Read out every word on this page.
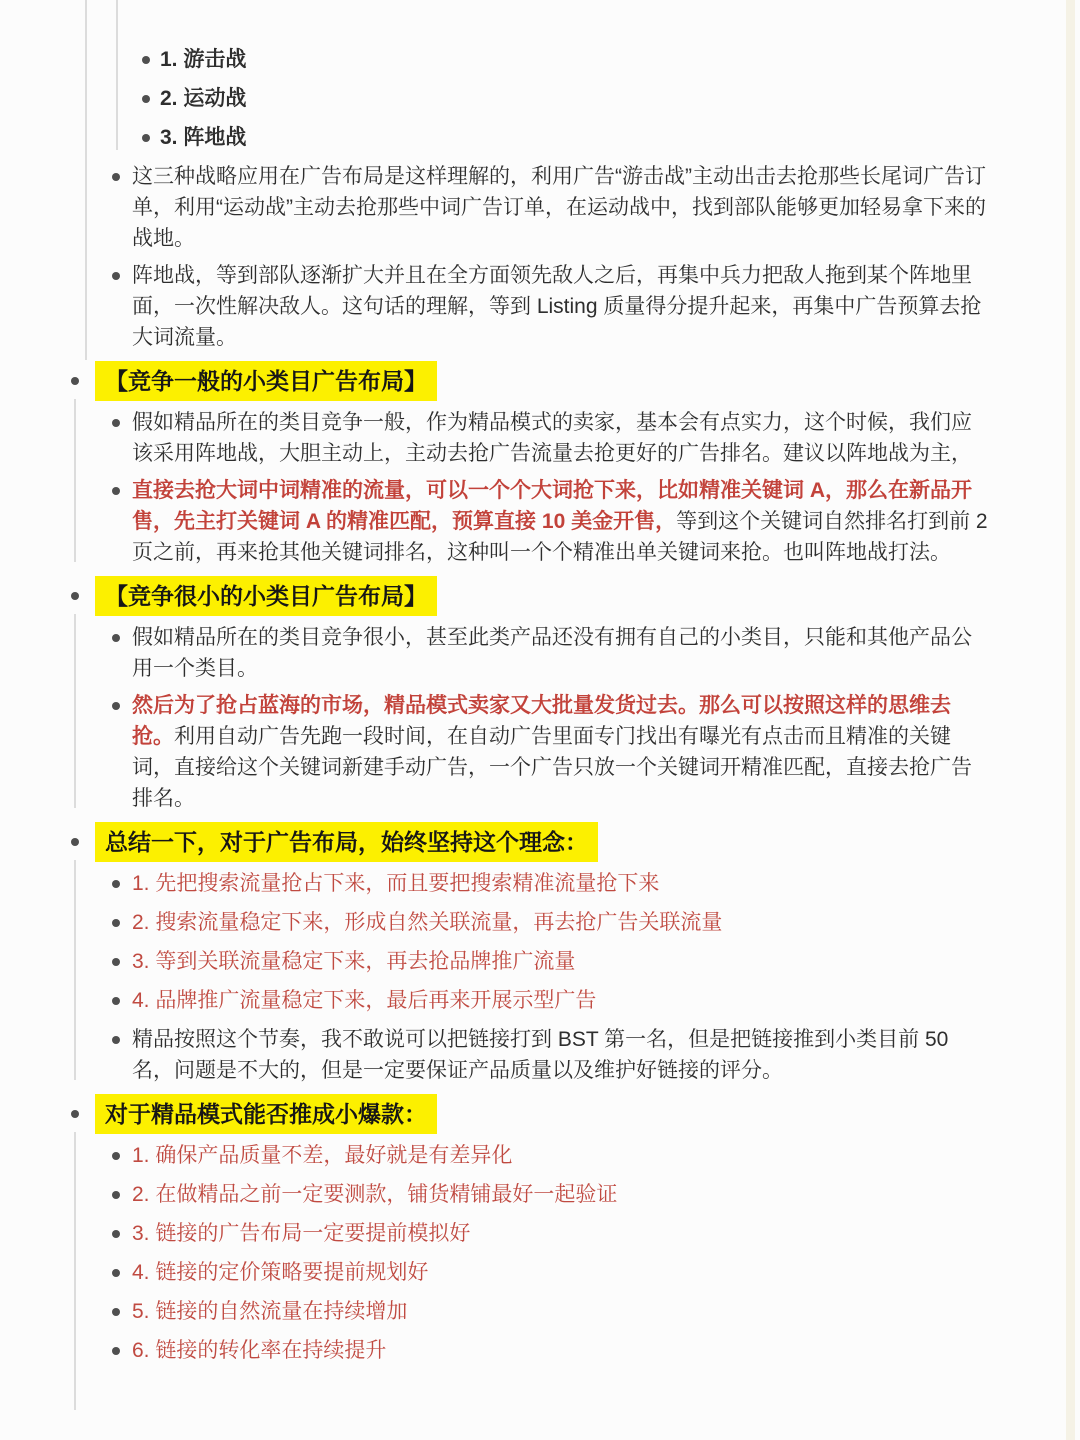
1. 游击战
2. 运动战
3. 阵地战
这三种战略应用在广告布局是这样理解的，利用广告“游击战”主动出击去抢那些长尾词广告订单，利用“运动战”主动去抢那些中词广告订单，在运动战中，找到部队能够更加轻易拿下来的战地。
阵地战，等到部队逐渐扩大并且在全方面领先敌人之后，再集中兵力把敌人拖到某个阵地里面，一次性解决敌人。这句话的理解，等到 Listing 质量得分提升起来，再集中广告预算去抢大词流量。
【竞争一般的小类目广告布局】
假如精品所在的类目竞争一般，作为精品模式的卖家，基本会有点实力，这个时候，我们应该采用阵地战，大胆主动上，主动去抢广告流量去抢更好的广告排名。建议以阵地战为主，
直接去抢大词中词精准的流量，可以一个个大词抢下来，比如精准关键词 A，那么在新品开售，先主打关键词 A 的精准匹配，预算直接 10 美金开售，等到这个关键词自然排名打到前 2 页之前，再来抢其他关键词排名，这种叫一个个精准出单关键词来抢。也叫阵地战打法。
【竞争很小的小类目广告布局】
假如精品所在的类目竞争很小，甚至此类产品还没有拥有自己的小类目，只能和其他产品公用一个类目。
然后为了抢占蓝海的市场，精品模式卖家又大批量发货过去。那么可以按照这样的思维去抢。利用自动广告先跑一段时间，在自动广告里面专门找出有曝光有点击而且精准的关键词，直接给这个关键词新建手动广告，一个广告只放一个关键词开精准匹配，直接去抢广告排名。
总结一下，对于广告布局，始终坚持这个理念：
1. 先把搜索流量抢占下来，而且要把搜索精准流量抢下来
2. 搜索流量稳定下来，形成自然关联流量，再去抢广告关联流量
3. 等到关联流量稳定下来，再去抢品牌推广流量
4. 品牌推广流量稳定下来，最后再来开展示型广告
精品按照这个节奏，我不敢说可以把链接打到 BST 第一名，但是把链接推到小类目前 50 名，问题是不大的，但是一定要保证产品质量以及维护好链接的评分。
对于精品模式能否推成小爆款：
1. 确保产品质量不差，最好就是有差异化
2. 在做精品之前一定要测款，铺货精铺最好一起验证
3. 链接的广告布局一定要提前模拟好
4. 链接的定价策略要提前规划好
5. 链接的自然流量在持续增加
6. 链接的转化率在持续提升
